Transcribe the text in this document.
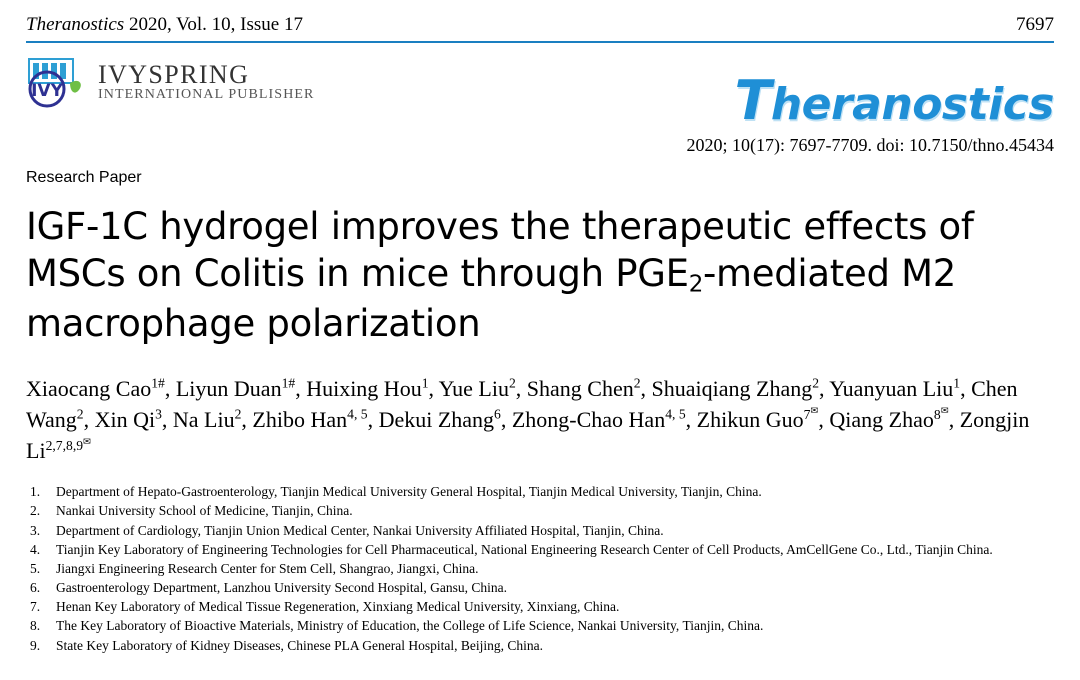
Theranostics 2020, Vol. 10, Issue 17	7697
IVY
IVYSPRING
INTERNATIONAL PUBLISHER	Theranostics
2020; 10(17): 7697-7709. doi: 10.7150/thno.45434
Research Paper
IGF-1C hydrogel improves the therapeutic effects of
MSCs on Colitis in mice through $PGE_2$-mediated M2
macrophage polarization
Xiaocang Cao$^{1\#}$, Liyun Duan$^{1\#}$, Huixing Hou$^1$, Yue Liu$^2$, Shang Chen$^2$, Shuaiqiang Zhang$^2$, Yuanyuan Liu$^1$, Chen Wang$^2$, Xin Qi$^3$, Na Liu$^2$, Zhibo Han$^{4, 5}$, Dekui Zhang$^6$, Zhong-Chao Han$^{4, 5}$, Zhikun Guo$^{7^✉}$, Qiang Zhao$^{8^✉}$, Zongjin $Li^{2,7,8,9^✉}$
1.	Department of Hepato-Gastroenterology, Tianjin Medical University General Hospital, Tianjin Medical University, Tianjin, China.
2.	Nankai University School of Medicine, Tianjin, China.
3.	Department of Cardiology, Tianjin Union Medical Center, Nankai University Affiliated Hospital, Tianjin, China.
4.	Tianjin Key Laboratory of Engineering Technologies for Cell Pharmaceutical, National Engineering Research Center of Cell Products, AmCellGene Co., Ltd., Tianjin China.
5.	Jiangxi Engineering Research Center for Stem Cell, Shangrao, Jiangxi, China.
6.	Gastroenterology Department, Lanzhou University Second Hospital, Gansu, China.
7.	Henan Key Laboratory of Medical Tissue Regeneration, Xinxiang Medical University, Xinxiang, China.
8.	The Key Laboratory of Bioactive Materials, Ministry of Education, the College of Life Science, Nankai University, Tianjin, China.
9.	State Key Laboratory of Kidney Diseases, Chinese PLA General Hospital, Beijing, China.
